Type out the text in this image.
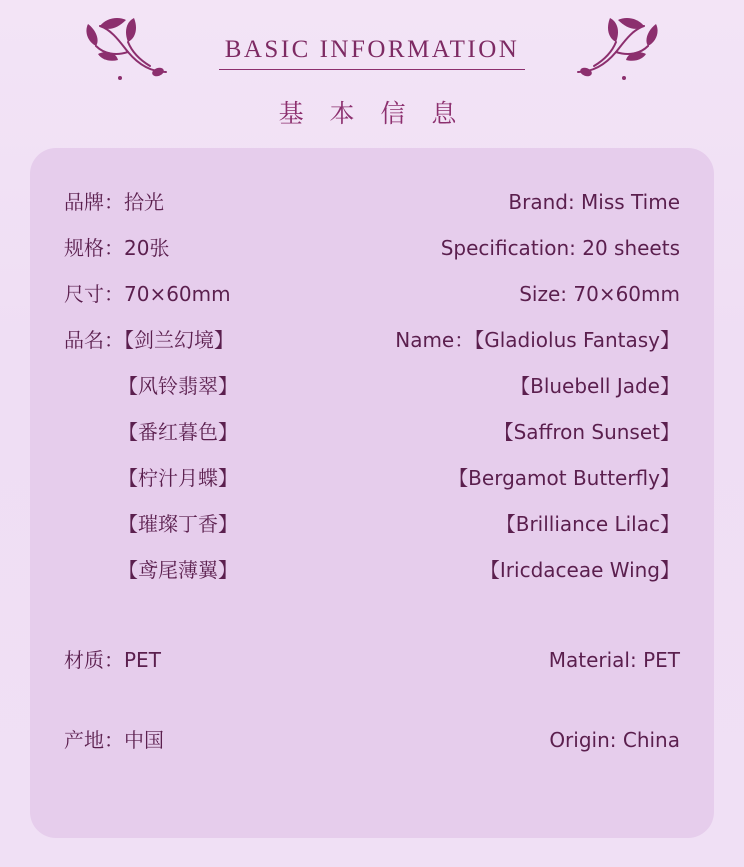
BASIC INFORMATION
基 本 信 息
品牌：拾光	Brand: Miss Time
规格：20张	Specification: 20 sheets
尺寸：70×60mm	Size: 70×60mm
品名：【剑兰幻境】	Name：【Gladiolus Fantasy】
【风铃翡翠】	【Bluebell Jade】
【番红暮色】	【Saffron Sunset】
【柠汁月蝶】	【Bergamot Butterfly】
【璀璨丁香】	【Brilliance Lilac】
【鸢尾薄翼】	【Iricdaceae Wing】
材质：PET	Material: PET
产地：中国	Origin: China
